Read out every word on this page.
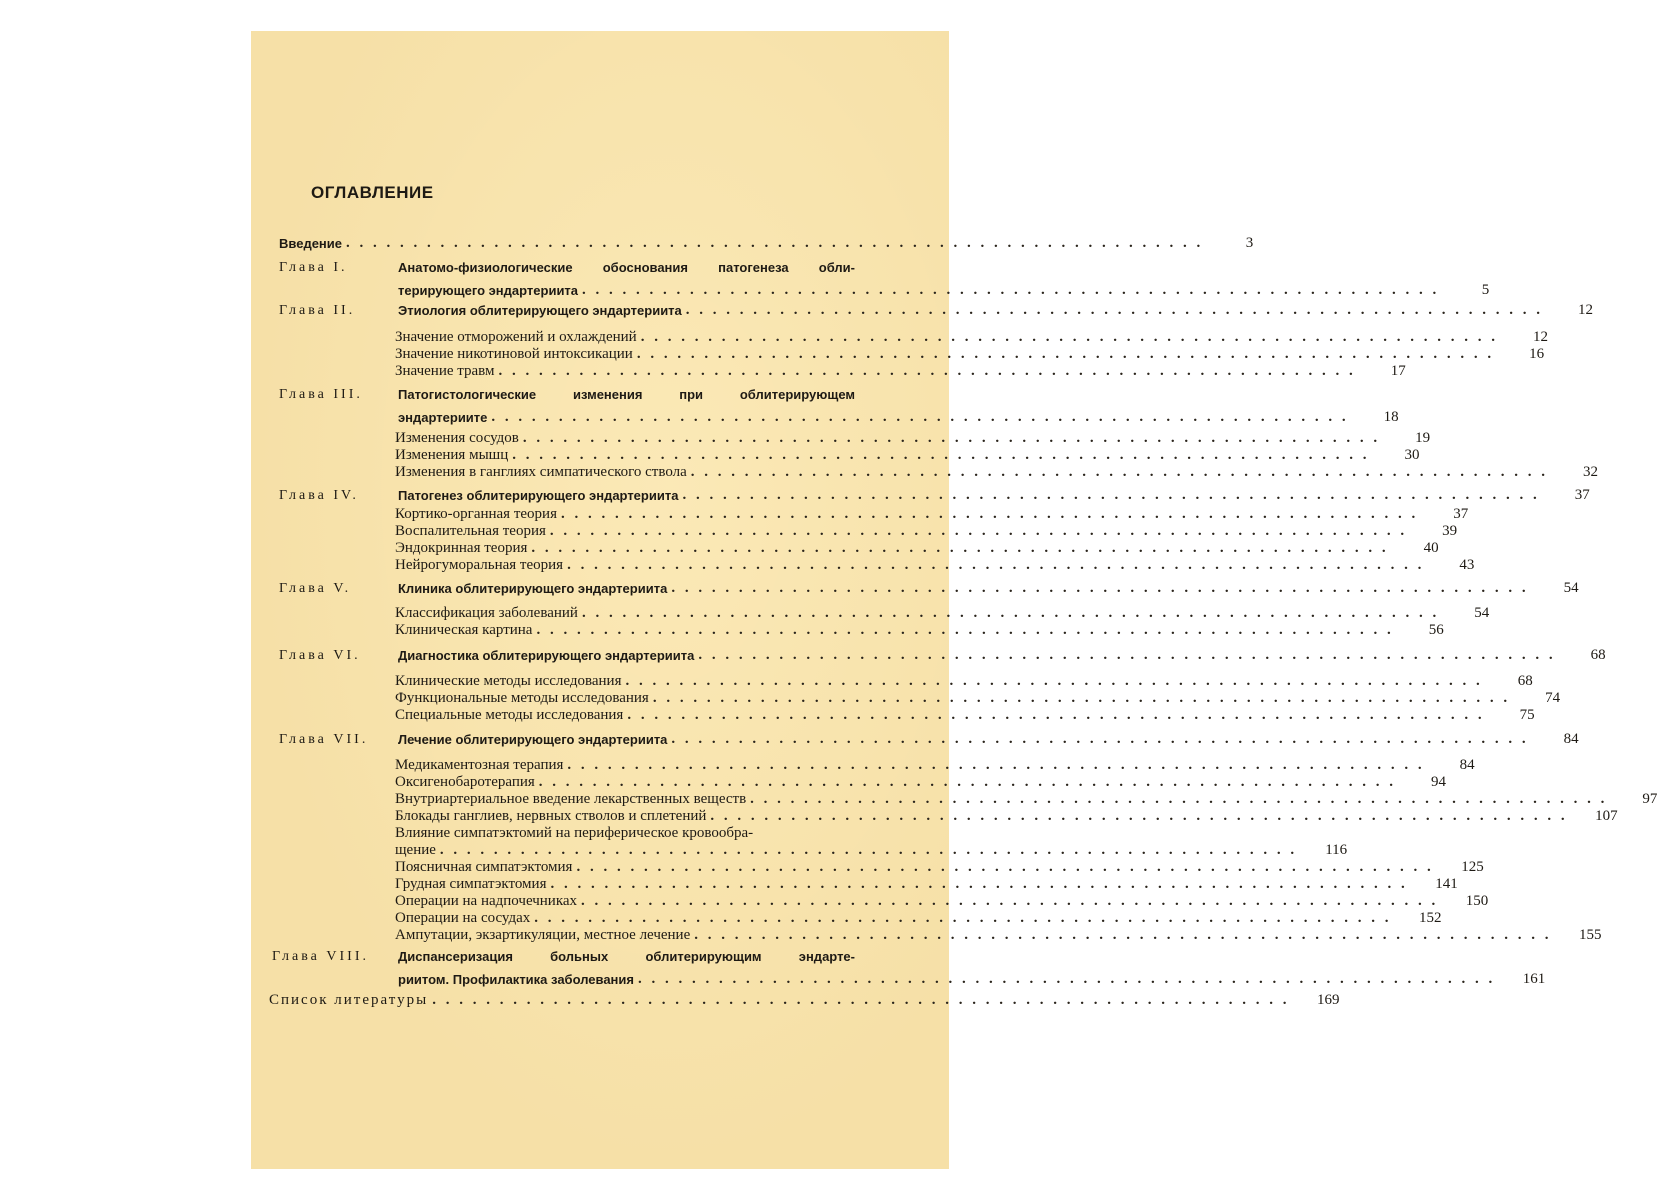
ОГЛАВЛЕНИЕ
Введение . . . . . . . . . . . . . . . . . . . . . . . . . . . . . . . . . . . . . . . . . . . . . . . . . . . . . . . . . . . . . . . .	3
Глава I.	Анатомо-физиологические обоснования патогенеза обли-
терирующего эндартериита . . . . . . . . . . . . . . . . . . . . . . . . . . . . . . . . . . . . . . . . . . . . . . . . . . . . . . . . . . . . . . . .	5
Глава II.	Этиология облитерирующего эндартериита . . . . . . . . . . . . . . . . . . . . . . . . . . . . . . . . . . . . . . . . . . . . . . . . . . . . . . . . . . . . . . . .	12
Значение отморожений и охлаждений . . . . . . . . . . . . . . . . . . . . . . . . . . . . . . . . . . . . . . . . . . . . . . . . . . . . . . . . . . . . . . . .	12
Значение никотиновой интоксикации . . . . . . . . . . . . . . . . . . . . . . . . . . . . . . . . . . . . . . . . . . . . . . . . . . . . . . . . . . . . . . . .	16
Значение травм . . . . . . . . . . . . . . . . . . . . . . . . . . . . . . . . . . . . . . . . . . . . . . . . . . . . . . . . . . . . . . . .	17
Глава III.	Патогистологические изменения при облитерирующем
эндартериите . . . . . . . . . . . . . . . . . . . . . . . . . . . . . . . . . . . . . . . . . . . . . . . . . . . . . . . . . . . . . . . .	18
Изменения сосудов . . . . . . . . . . . . . . . . . . . . . . . . . . . . . . . . . . . . . . . . . . . . . . . . . . . . . . . . . . . . . . . .	19
Изменения мышц . . . . . . . . . . . . . . . . . . . . . . . . . . . . . . . . . . . . . . . . . . . . . . . . . . . . . . . . . . . . . . . .	30
Изменения в ганглиях симпатического ствола . . . . . . . . . . . . . . . . . . . . . . . . . . . . . . . . . . . . . . . . . . . . . . . . . . . . . . . . . . . . . . . .	32
Глава IV.	Патогенез облитерирующего эндартериита . . . . . . . . . . . . . . . . . . . . . . . . . . . . . . . . . . . . . . . . . . . . . . . . . . . . . . . . . . . . . . . .	37
Кортико-органная теория . . . . . . . . . . . . . . . . . . . . . . . . . . . . . . . . . . . . . . . . . . . . . . . . . . . . . . . . . . . . . . . .	37
Воспалительная теория . . . . . . . . . . . . . . . . . . . . . . . . . . . . . . . . . . . . . . . . . . . . . . . . . . . . . . . . . . . . . . . .	39
Эндокринная теория . . . . . . . . . . . . . . . . . . . . . . . . . . . . . . . . . . . . . . . . . . . . . . . . . . . . . . . . . . . . . . . .	40
Нейрогуморальная теория . . . . . . . . . . . . . . . . . . . . . . . . . . . . . . . . . . . . . . . . . . . . . . . . . . . . . . . . . . . . . . . .	43
Глава V.	Клиника облитерирующего эндартериита . . . . . . . . . . . . . . . . . . . . . . . . . . . . . . . . . . . . . . . . . . . . . . . . . . . . . . . . . . . . . . . .	54
Классификация заболеваний . . . . . . . . . . . . . . . . . . . . . . . . . . . . . . . . . . . . . . . . . . . . . . . . . . . . . . . . . . . . . . . .	54
Клиническая картина . . . . . . . . . . . . . . . . . . . . . . . . . . . . . . . . . . . . . . . . . . . . . . . . . . . . . . . . . . . . . . . .	56
Глава VI.	Диагностика облитерирующего эндартериита . . . . . . . . . . . . . . . . . . . . . . . . . . . . . . . . . . . . . . . . . . . . . . . . . . . . . . . . . . . . . . . .	68
Клинические методы исследования . . . . . . . . . . . . . . . . . . . . . . . . . . . . . . . . . . . . . . . . . . . . . . . . . . . . . . . . . . . . . . . .	68
Функциональные методы исследования . . . . . . . . . . . . . . . . . . . . . . . . . . . . . . . . . . . . . . . . . . . . . . . . . . . . . . . . . . . . . . . .	74
Специальные методы исследования . . . . . . . . . . . . . . . . . . . . . . . . . . . . . . . . . . . . . . . . . . . . . . . . . . . . . . . . . . . . . . . .	75
Глава VII. Лечение облитерирующего эндартериита . . . . . . . . . . . . . . . . . . . . . . . . . . . . . . . . . . . . . . . . . . . . . . . . . . . . . . . . . . . . . . . .	84
Медикаментозная терапия . . . . . . . . . . . . . . . . . . . . . . . . . . . . . . . . . . . . . . . . . . . . . . . . . . . . . . . . . . . . . . . .	84
Оксигенобаротерапия . . . . . . . . . . . . . . . . . . . . . . . . . . . . . . . . . . . . . . . . . . . . . . . . . . . . . . . . . . . . . . . .	94
Внутриартериальное введение лекарственных веществ . . . . . . . . . . . . . . . . . . . . . . . . . . . . . . . . . . . . . . . . . . . . . . . . . . . . . . . . . . . . . . . .	97
Блокады ганглиев, нервных стволов и сплетений . . . . . . . . . . . . . . . . . . . . . . . . . . . . . . . . . . . . . . . . . . . . . . . . . . . . . . . . . . . . . . . .	107
Влияние симпатэктомий на периферическое кровообра-
щение . . . . . . . . . . . . . . . . . . . . . . . . . . . . . . . . . . . . . . . . . . . . . . . . . . . . . . . . . . . . . . . .	116
Поясничная симпатэктомия . . . . . . . . . . . . . . . . . . . . . . . . . . . . . . . . . . . . . . . . . . . . . . . . . . . . . . . . . . . . . . . .	125
Грудная симпатэктомия . . . . . . . . . . . . . . . . . . . . . . . . . . . . . . . . . . . . . . . . . . . . . . . . . . . . . . . . . . . . . . . .	141
Операции на надпочечниках . . . . . . . . . . . . . . . . . . . . . . . . . . . . . . . . . . . . . . . . . . . . . . . . . . . . . . . . . . . . . . . .	150
Операции на сосудах . . . . . . . . . . . . . . . . . . . . . . . . . . . . . . . . . . . . . . . . . . . . . . . . . . . . . . . . . . . . . . . .	152
Ампутации, экзартикуляции, местное лечение . . . . . . . . . . . . . . . . . . . . . . . . . . . . . . . . . . . . . . . . . . . . . . . . . . . . . . . . . . . . . . . .	155
Глава VIII. Диспансеризация больных облитерирующим эндарте-
риитом. Профилактика заболевания . . . . . . . . . . . . . . . . . . . . . . . . . . . . . . . . . . . . . . . . . . . . . . . . . . . . . . . . . . . . . . . .	161
Список литературы . . . . . . . . . . . . . . . . . . . . . . . . . . . . . . . . . . . . . . . . . . . . . . . . . . . . . . . . . . . . . . . .	169
